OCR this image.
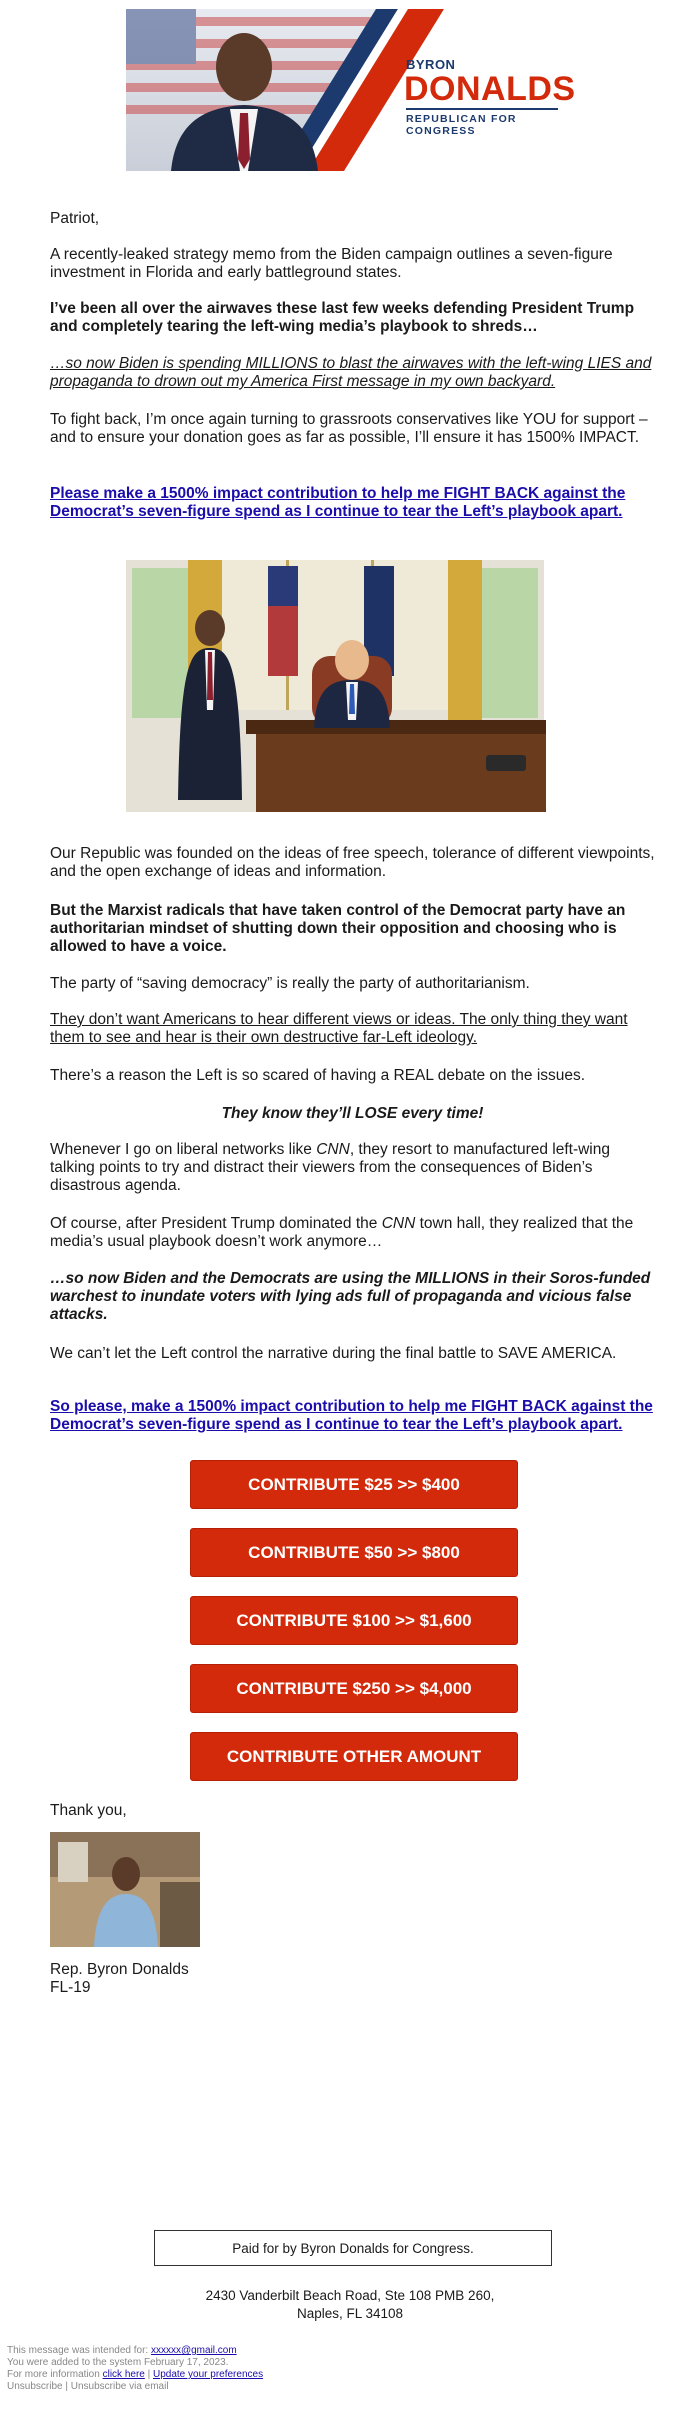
BYRON
DONALDS
REPUBLICAN FOR CONGRESS

Patriot,

A recently-leaked strategy memo from the Biden campaign outlines a seven-figure investment in Florida and early battleground states.

I’ve been all over the airwaves these last few weeks defending President Trump and completely tearing the left-wing media’s playbook to shreds…

…so now Biden is spending MILLIONS to blast the airwaves with the left-wing LIES and propaganda to drown out my America First message in my own backyard.

To fight back, I’m once again turning to grassroots conservatives like YOU for support – and to ensure your donation goes as far as possible, I’ll ensure it has 1500% IMPACT.

Please make a 1500% impact contribution to help me FIGHT BACK against the Democrat’s seven-figure spend as I continue to tear the Left’s playbook apart.

Our Republic was founded on the ideas of free speech, tolerance of different viewpoints, and the open exchange of ideas and information.

But the Marxist radicals that have taken control of the Democrat party have an authoritarian mindset of shutting down their opposition and choosing who is allowed to have a voice.

The party of “saving democracy” is really the party of authoritarianism.

They don’t want Americans to hear different views or ideas. The only thing they want them to see and hear is their own destructive far-Left ideology.

There’s a reason the Left is so scared of having a REAL debate on the issues.

They know they’ll LOSE every time!

Whenever I go on liberal networks like CNN, they resort to manufactured left-wing talking points to try and distract their viewers from the consequences of Biden’s disastrous agenda.

Of course, after President Trump dominated the CNN town hall, they realized that the media’s usual playbook doesn’t work anymore…

…so now Biden and the Democrats are using the MILLIONS in their Soros-funded warchest to inundate voters with lying ads full of propaganda and vicious false attacks.

We can’t let the Left control the narrative during the final battle to SAVE AMERICA.

So please, make a 1500% impact contribution to help me FIGHT BACK against the Democrat’s seven-figure spend as I continue to tear the Left’s playbook apart.
CONTRIBUTE $25 >> $400
CONTRIBUTE $50 >> $800
CONTRIBUTE $100 >> $1,600
CONTRIBUTE $250 >> $4,000
CONTRIBUTE OTHER AMOUNT

Thank you,

Rep. Byron Donalds

FL-19

Paid for by Byron Donalds for Congress.
2430 Vanderbilt Beach Road, Ste 108 PMB 260,
Naples, FL 34108
This message was intended for: xxxxxx@gmail.com
You were added to the system February 17, 2023.
For more information click here | Update your preferences
Unsubscribe | Unsubscribe via email
